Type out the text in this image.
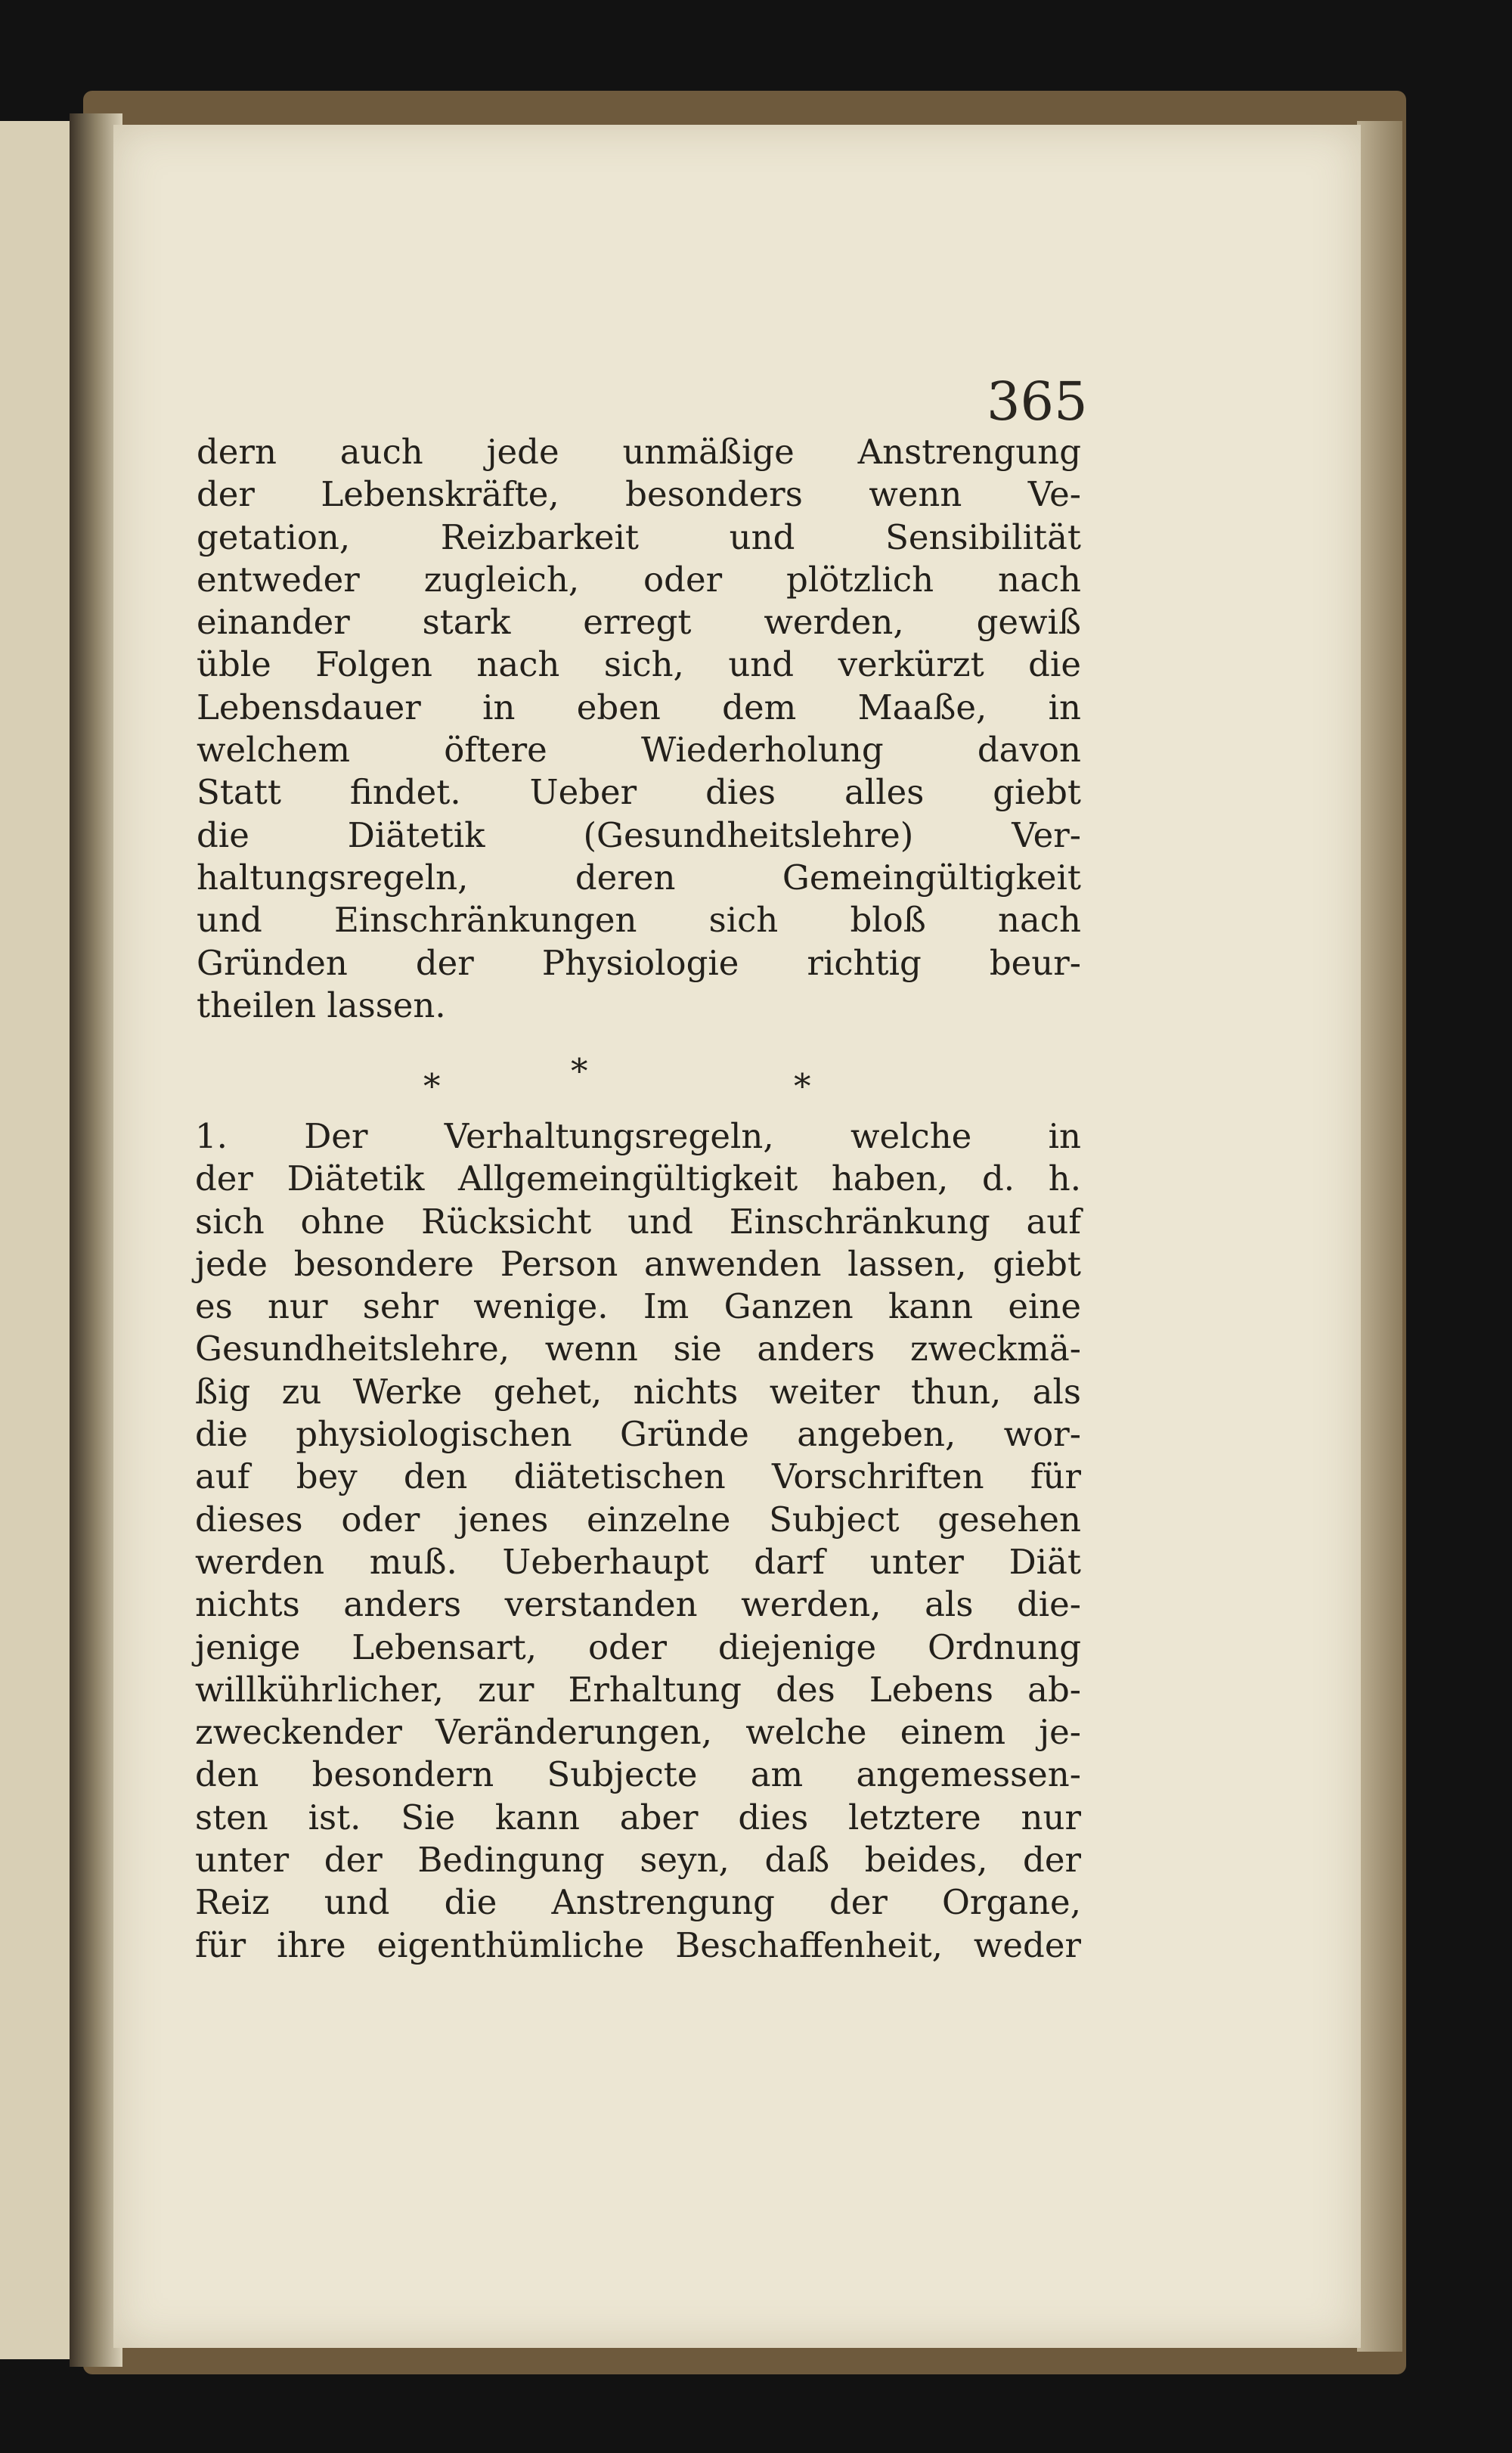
365
dern auch jede unmäßige Anstrengung
der Lebenskräfte, besonders wenn Ve-
getation, Reizbarkeit und Sensibilität
entweder zugleich, oder plötzlich nach
einander stark erregt werden, gewiß
üble Folgen nach sich, und verkürzt die
Lebensdauer in eben dem Maaße, in
welchem öftere Wiederholung davon
Statt findet. Ueber dies alles giebt
die Diätetik (Gesundheitslehre) Ver-
haltungsregeln, deren Gemeingültigkeit
und Einschränkungen sich bloß nach
Gründen der Physiologie richtig beur-
theilen lassen.
*	*	*
1. Der Verhaltungsregeln, welche in
der Diätetik Allgemeingültigkeit haben, d. h.
sich ohne Rücksicht und Einschränkung auf
jede besondere Person anwenden lassen, giebt
es nur sehr wenige. Im Ganzen kann eine
Gesundheitslehre, wenn sie anders zweckmä-
ßig zu Werke gehet, nichts weiter thun, als
die physiologischen Gründe angeben, wor-
auf bey den diätetischen Vorschriften für
dieses oder jenes einzelne Subject gesehen
werden muß. Ueberhaupt darf unter Diät
nichts anders verstanden werden, als die-
jenige Lebensart, oder diejenige Ordnung
willkührlicher, zur Erhaltung des Lebens ab-
zweckender Veränderungen, welche einem je-
den besondern Subjecte am angemessen-
sten ist. Sie kann aber dies letztere nur
unter der Bedingung seyn, daß beides, der
Reiz und die Anstrengung der Organe,
für ihre eigenthümliche Beschaffenheit, weder
